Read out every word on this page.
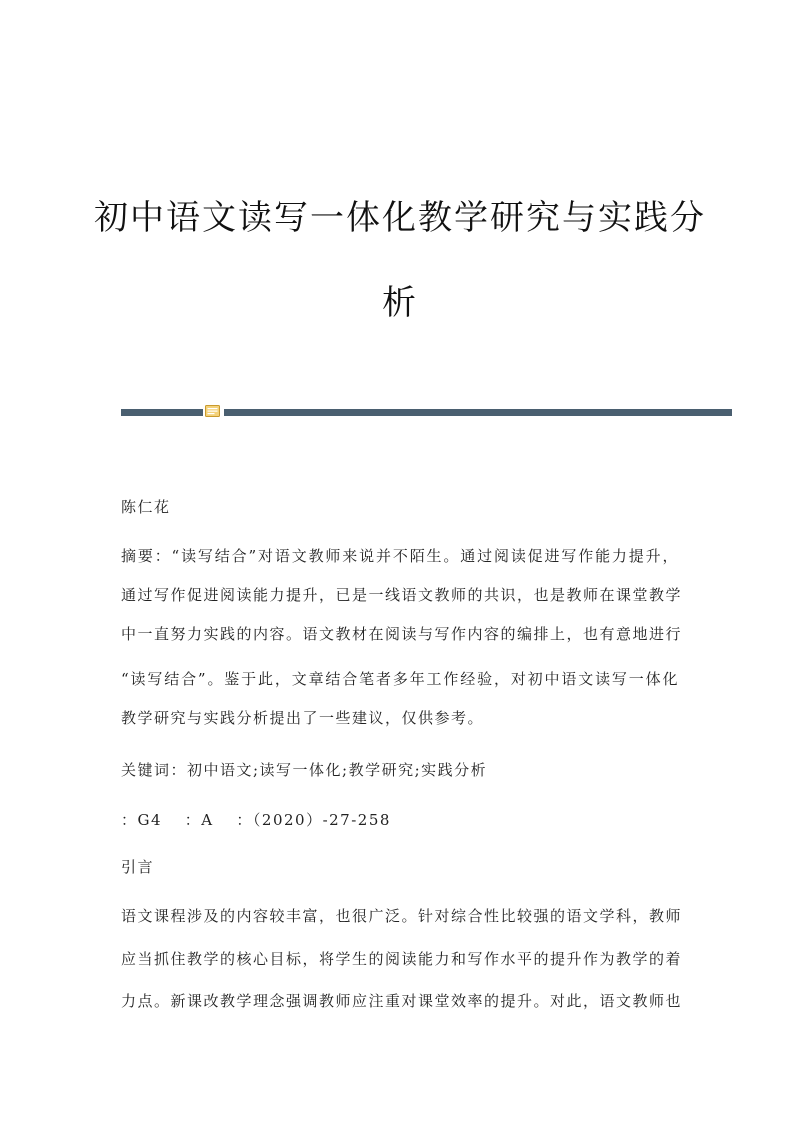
初中语文读写一体化教学研究与实践分
析
陈仁花
摘要：“读写结合”对语文教师来说并不陌生。通过阅读促进写作能力提升，
通过写作促进阅读能力提升，已是一线语文教师的共识，也是教师在课堂教学
中一直努力实践的内容。语文教材在阅读与写作内容的编排上，也有意地进行
“读写结合”。鉴于此，文章结合笔者多年工作经验，对初中语文读写一体化
教学研究与实践分析提出了一些建议，仅供参考。
关键词：初中语文;读写一体化;教学研究;实践分析
：G4　 ：A　 ：（2020）-27-258
引言
语文课程涉及的内容较丰富，也很广泛。针对综合性比较强的语文学科，教师
应当抓住教学的核心目标，将学生的阅读能力和写作水平的提升作为教学的着
力点。新课改教学理念强调教师应注重对课堂效率的提升。对此，语文教师也
